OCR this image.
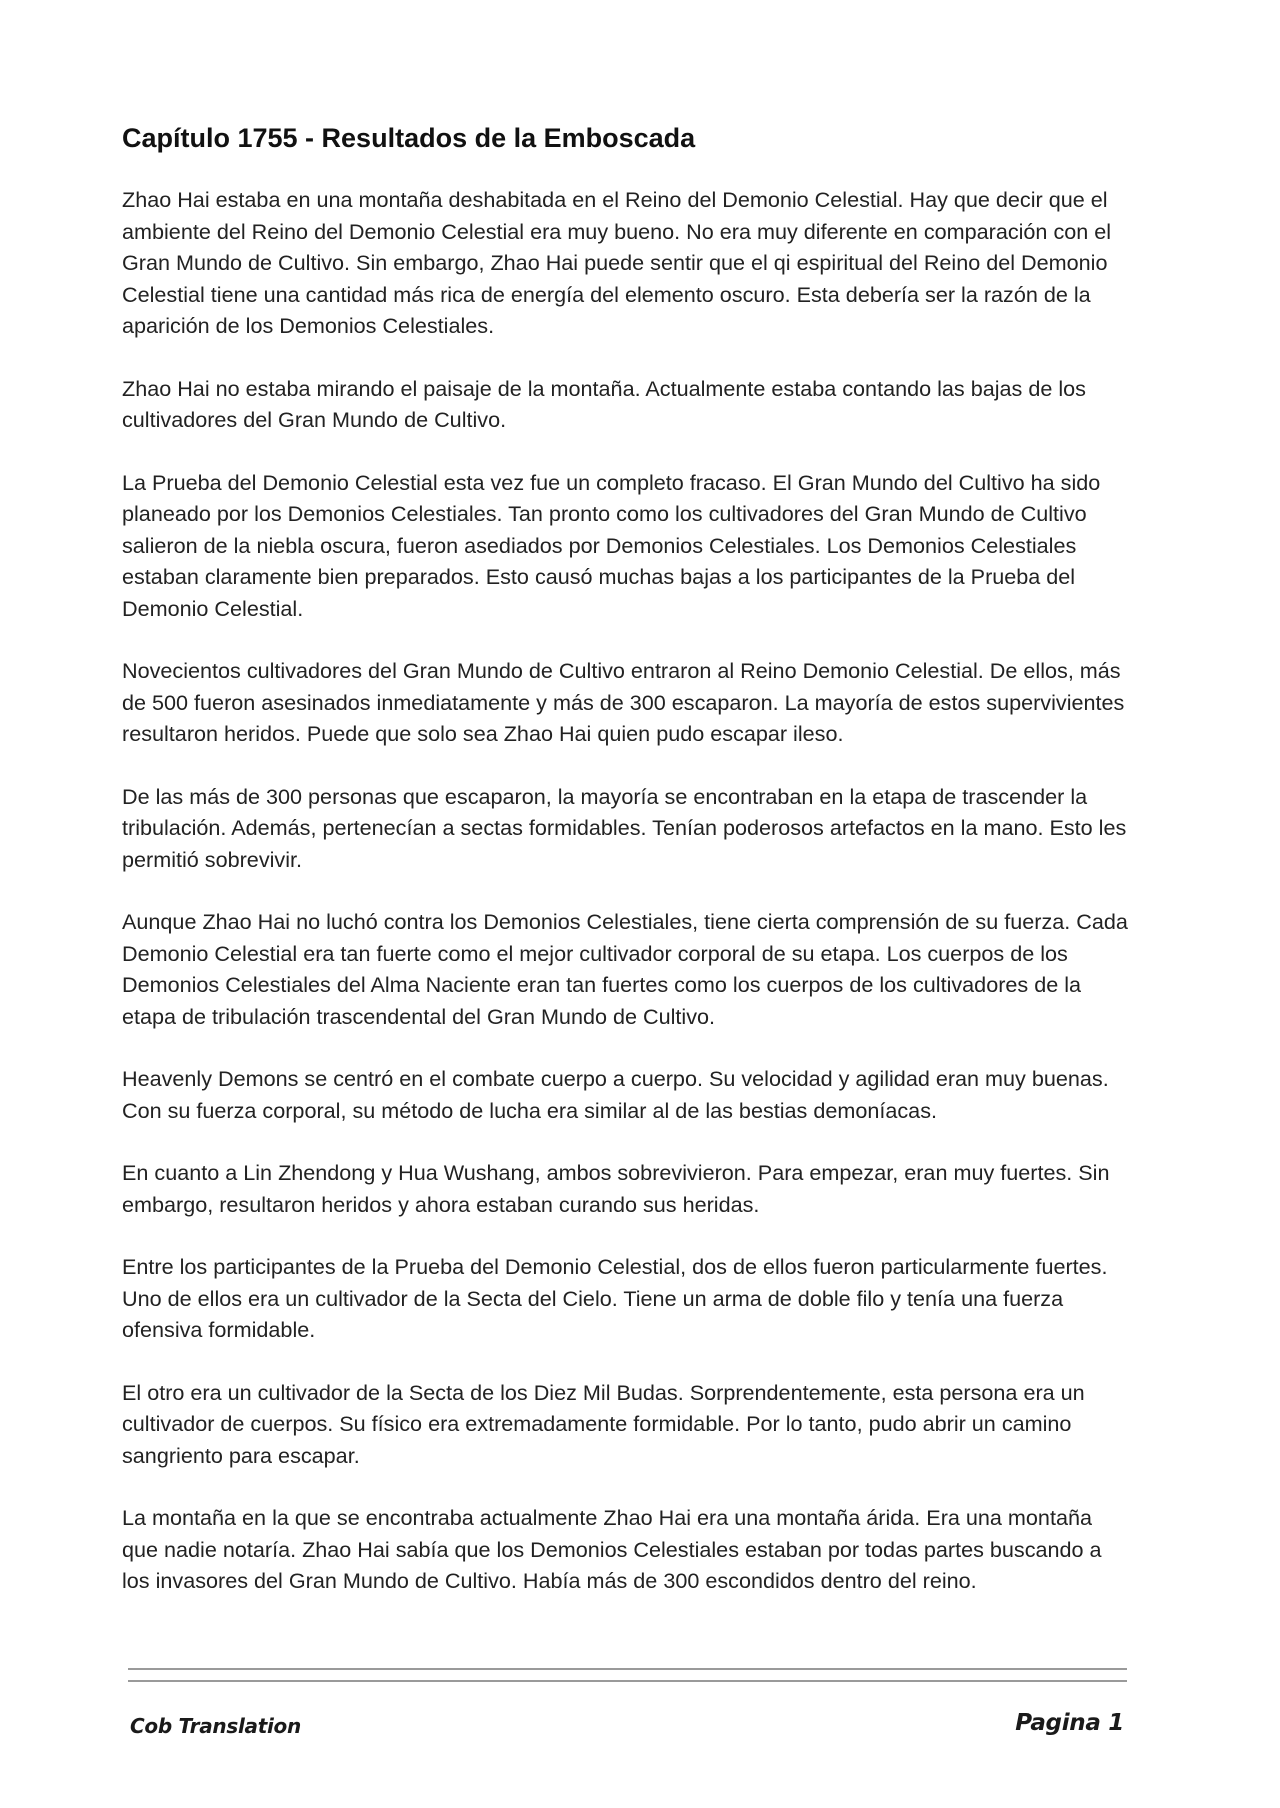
Capítulo 1755 - Resultados de la Emboscada

Zhao Hai estaba en una montaña deshabitada en el Reino del Demonio Celestial. Hay que decir que el ambiente del Reino del Demonio Celestial era muy bueno. No era muy diferente en comparación con el Gran Mundo de Cultivo. Sin embargo, Zhao Hai puede sentir que el qi espiritual del Reino del Demonio Celestial tiene una cantidad más rica de energía del elemento oscuro. Esta debería ser la razón de la aparición de los Demonios Celestiales.

Zhao Hai no estaba mirando el paisaje de la montaña. Actualmente estaba contando las bajas de los cultivadores del Gran Mundo de Cultivo.

La Prueba del Demonio Celestial esta vez fue un completo fracaso. El Gran Mundo del Cultivo ha sido planeado por los Demonios Celestiales. Tan pronto como los cultivadores del Gran Mundo de Cultivo salieron de la niebla oscura, fueron asediados por Demonios Celestiales. Los Demonios Celestiales estaban claramente bien preparados. Esto causó muchas bajas a los participantes de la Prueba del Demonio Celestial.

Novecientos cultivadores del Gran Mundo de Cultivo entraron al Reino Demonio Celestial. De ellos, más de 500 fueron asesinados inmediatamente y más de 300 escaparon. La mayoría de estos supervivientes resultaron heridos. Puede que solo sea Zhao Hai quien pudo escapar ileso.

De las más de 300 personas que escaparon, la mayoría se encontraban en la etapa de trascender la tribulación. Además, pertenecían a sectas formidables. Tenían poderosos artefactos en la mano. Esto les permitió sobrevivir.

Aunque Zhao Hai no luchó contra los Demonios Celestiales, tiene cierta comprensión de su fuerza. Cada Demonio Celestial era tan fuerte como el mejor cultivador corporal de su etapa. Los cuerpos de los Demonios Celestiales del Alma Naciente eran tan fuertes como los cuerpos de los cultivadores de la etapa de tribulación trascendental del Gran Mundo de Cultivo.

Heavenly Demons se centró en el combate cuerpo a cuerpo. Su velocidad y agilidad eran muy buenas. Con su fuerza corporal, su método de lucha era similar al de las bestias demoníacas.

En cuanto a Lin Zhendong y Hua Wushang, ambos sobrevivieron. Para empezar, eran muy fuertes. Sin embargo, resultaron heridos y ahora estaban curando sus heridas.

Entre los participantes de la Prueba del Demonio Celestial, dos de ellos fueron particularmente fuertes. Uno de ellos era un cultivador de la Secta del Cielo. Tiene un arma de doble filo y tenía una fuerza ofensiva formidable.

El otro era un cultivador de la Secta de los Diez Mil Budas. Sorprendentemente, esta persona era un cultivador de cuerpos. Su físico era extremadamente formidable. Por lo tanto, pudo abrir un camino sangriento para escapar.

La montaña en la que se encontraba actualmente Zhao Hai era una montaña árida. Era una montaña que nadie notaría. Zhao Hai sabía que los Demonios Celestiales estaban por todas partes buscando a los invasores del Gran Mundo de Cultivo. Había más de 300 escondidos dentro del reino.

Cob Translation	Pagina 1
